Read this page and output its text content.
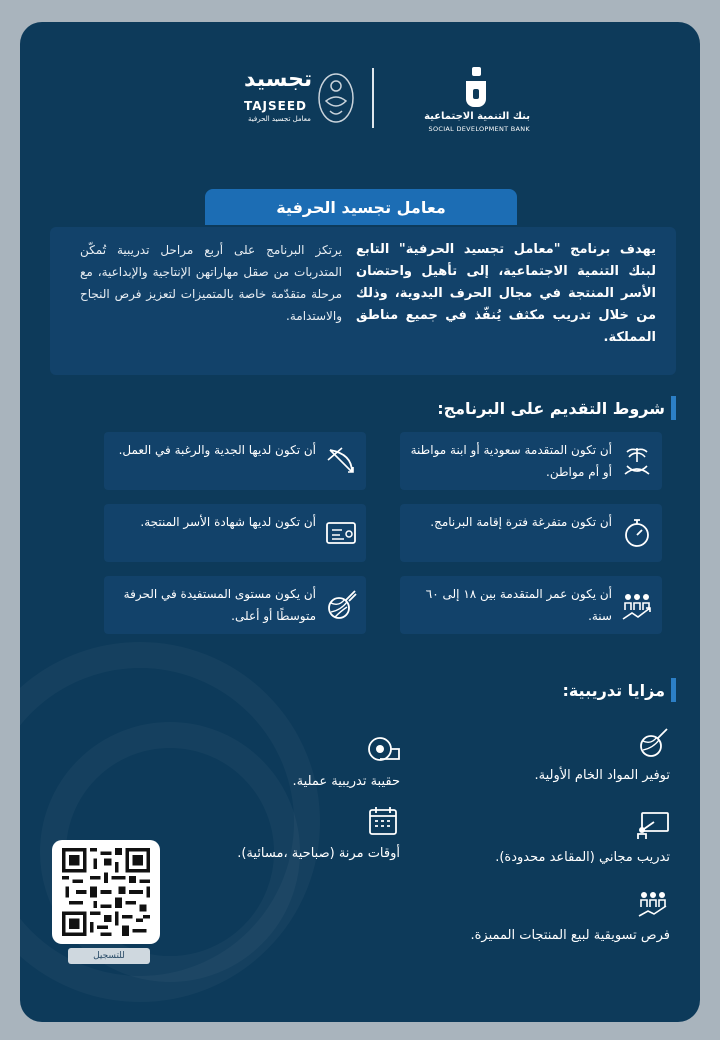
بنك التنمية الاجتماعية
SOCIAL DEVELOPMENT BANK
تجسيد
TAJSEED
معامل تجسيد الحرفية
معامل تجسيد الحرفية

يهدف برنامج "معامل تجسيد الحرفية" التابع لبنك التنمية الاجتماعية، إلى تأهيل واحتضان الأسر المنتجة في مجال الحرف اليدوية، وذلك من خلال تدريب مكثف يُنفّذ في جميع مناطق المملكة.

يرتكز البرنامج على أربع مراحل تدريبية تُمكّن المتدربات من صقل مهاراتهن الإنتاجية والإبداعية، مع مرحلة متقدّمة خاصة بالمتميزات لتعزيز فرص النجاح والاستدامة.

شروط التقديم على البرنامج:
أن تكون المتقدمة سعودية أو ابنة مواطنة أو أم مواطن.
أن تكون لديها الجدية والرغبة في العمل.
أن تكون متفرغة فترة إقامة البرنامج.
أن تكون لديها شهادة الأسر المنتجة.
أن يكون عمر المتقدمة بين ١٨ إلى ٦٠ سنة.
أن يكون مستوى المستفيدة في الحرفة متوسطًا أو أعلى.
مزايا تدريبية:
توفير المواد الخام الأولية.
حقيبة تدريبية عملية.
تدريب مجاني (المقاعد محدودة).
أوقات مرنة (صباحية ،مسائية).
فرص تسويقية لبيع المنتجات المميزة.
للتسجيل
